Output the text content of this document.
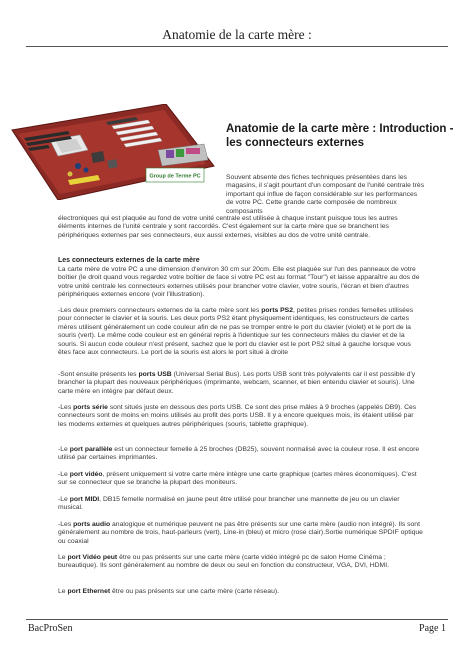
Anatomie de la carte mère :
Group de Terme PC
Anatomie de la carte mère : Introduction - les connecteurs externes
Souvent absente des fiches techniques présentées dans les magasins, il s'agit pourtant d'un composant de l'unité centrale très important qui influe de façon considérable sur les performances de votre PC. Cette grande carte composée de nombreux composants
électroniques qui est plaquée au fond de votre unité centrale est utilisée à chaque instant puisque tous les autres éléments internes de l'unité centrale y sont raccordés. C'est également sur la carte mère que se branchent les périphériques externes par ses connecteurs, eux aussi externes, visibles au dos de votre unité centrale.
Les connecteurs externes de la carte mère
La carte mère de votre PC a une dimension d'environ 30 cm sur 20cm. Elle est plaquée sur l'un des panneaux de votre boîtier (le droit quand vous regardez votre boîtier de face si votre PC est au format "Tour") et laisse apparaître au dos de votre unité centrale les connecteurs externes utilisés pour brancher votre clavier, votre souris, l'écran et bien d'autres périphériques externes encore (voir l'illustration).
-Les deux premiers connecteurs externes de la carte mère sont les ports PS2, petites prises rondes femelles utilisées pour connecter le clavier et la souris. Les deux ports PS2 étant physiquement identiques, les constructeurs de cartes mères utilisent généralement un code couleur afin de ne pas se tromper entre le port du clavier (violet) et le port de la souris (vert). Le même code couleur est en général repris à l'identique sur les connecteurs mâles du clavier et de la souris. Si aucun code couleur n'est présent, sachez que le port du clavier est le port PS2 situé à gauche lorsque vous êtes face aux connecteurs. Le port de la souris est alors le port situé à droite
-Sont ensuite présents les ports USB (Universal Serial Bus). Les ports USB sont très polyvalents car il est possible d'y brancher la plupart des nouveaux périphériques (imprimante, webcam, scanner, et bien entendu clavier et souris). Une carte mère en intègre par défaut deux.
-Les ports série sont situés juste en dessous des ports USB. Ce sont des prise mâles à 9 broches (appelés DB9). Ces connecteurs sont de moins en moins utilisés au profit des ports USB. Il y a encore quelques mois, ils étaient utilisé par les modems externes et quelques autres périphériques (souris, tablette graphique).
-Le port parallèle est un connecteur femelle à 25 broches (DB25), souvent normalisé avec la couleur rose. Il est encore utilisé par certaines imprimantes.
-Le port vidéo, présent uniquement si votre carte mère intègre une carte graphique (cartes mères économiques). C'est sur se connecteur que se branche la plupart des moniteurs.
-Le port MIDI, DB15 femelle normalisé en jaune peut être utilisé pour brancher une mannette de jeu ou un clavier musical.
-Les ports audio analogique et numérique peuvent ne pas être présents sur une carte mère (audio non intégré). Ils sont généralement au nombre de trois, haut-parleurs (vert), Line-in (bleu) et micro (rose clair).Sortie numérique SPDIF optique ou coaxial
Le port Vidéo peut être ou pas présents sur une carte mère (carte vidéo intégré pc de salon Home Cinéma ; bureautique). Ils sont généralement au nombre de deux ou seul en fonction du constructeur, VGA, DVI, HDMI.
Le port Ethernet être ou pas présents sur une carte mère (carte réseau).
BacProSen	Page 1
